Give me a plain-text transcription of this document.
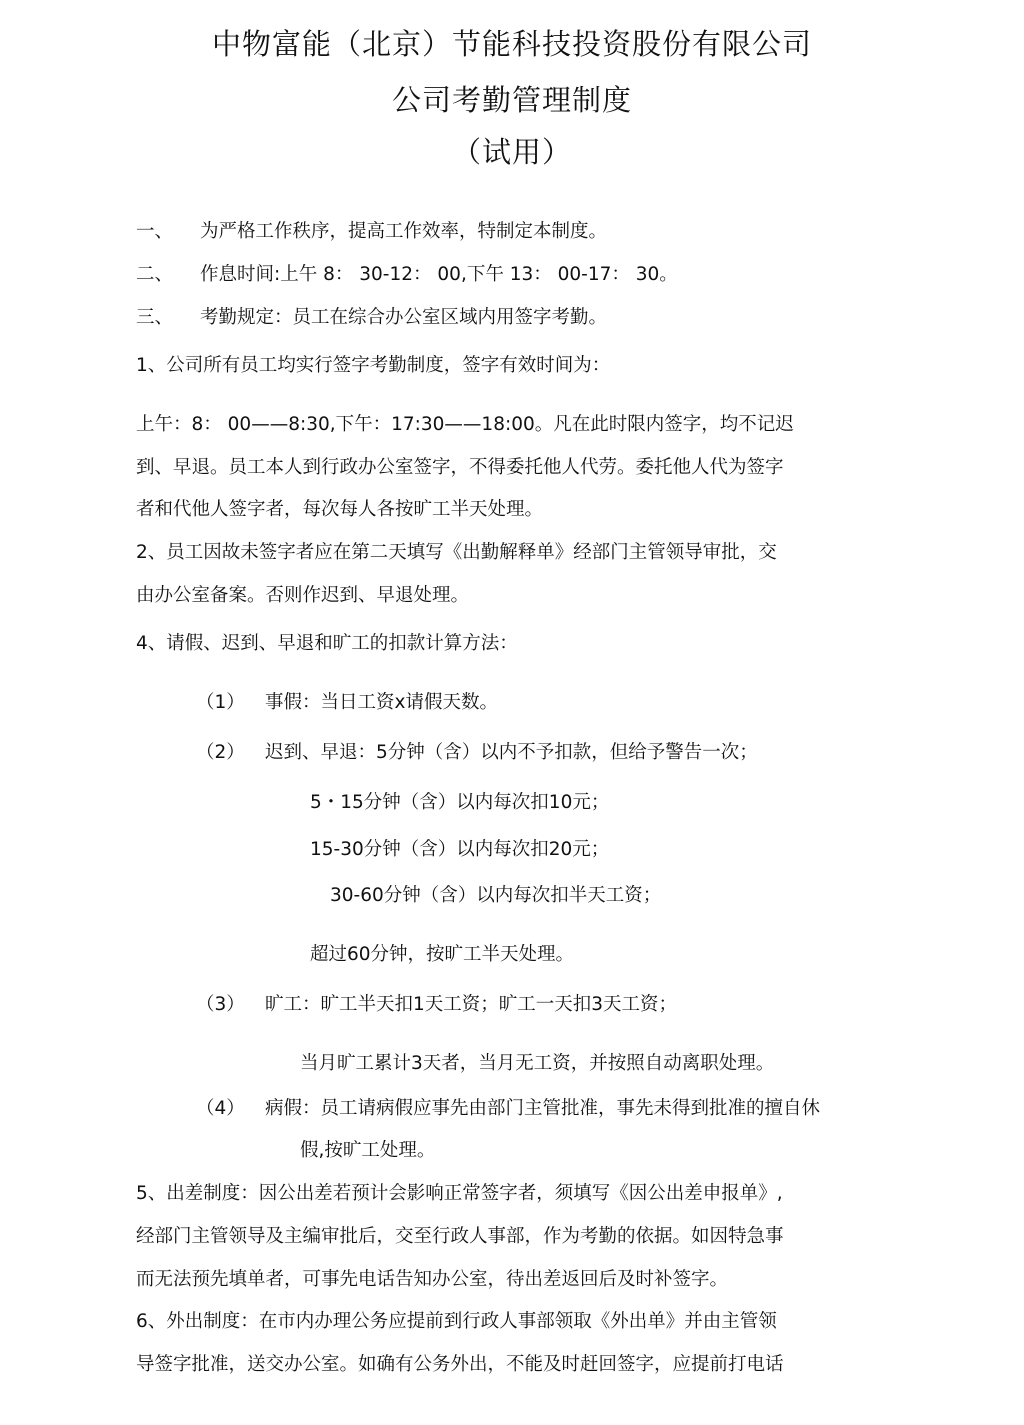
中物富能（北京）节能科技投资股份有限公司
公司考勤管理制度
（试用）
一、 为严格工作秩序，提高工作效率，特制定本制度。
二、 作息时间:上午 8： 30-12： 00,下午 13： 00-17： 30。
三、 考勤规定：员工在综合办公室区域内用签字考勤。
1、公司所有员工均实行签字考勤制度，签字有效时间为：
上午：8： 00——8:30,下午：17:30——18:00。凡在此时限内签字，均不记迟
到、早退。员工本人到行政办公室签字，不得委托他人代劳。委托他人代为签字
者和代他人签字者，每次每人各按旷工半天处理。
2、员工因故未签字者应在第二天填写《出勤解释单》经部门主管领导审批，交
由办公室备案。否则作迟到、早退处理。
4、请假、迟到、早退和旷工的扣款计算方法：
（1） 事假：当日工资x请假天数。
（2） 迟到、早退：5分钟（含）以内不予扣款，但给予警告一次；
5・15分钟（含）以内每次扣10元；
15-30分钟（含）以内每次扣20元；
30-60分钟（含）以内每次扣半天工资；
超过60分钟，按旷工半天处理。
（3） 旷工：旷工半天扣1天工资；旷工一天扣3天工资；
当月旷工累计3天者，当月无工资，并按照自动离职处理。
（4） 病假：员工请病假应事先由部门主管批准，事先未得到批准的擅自休
假,按旷工处理。
5、出差制度：因公出差若预计会影响正常签字者，须填写《因公出差申报单》,
经部门主管领导及主编审批后，交至行政人事部，作为考勤的依据。如因特急事
而无法预先填单者，可事先电话告知办公室，待出差返回后及时补签字。
6、外出制度：在市内办理公务应提前到行政人事部领取《外出单》并由主管领
导签字批准，送交办公室。如确有公务外出，不能及时赶回签字，应提前打电话
